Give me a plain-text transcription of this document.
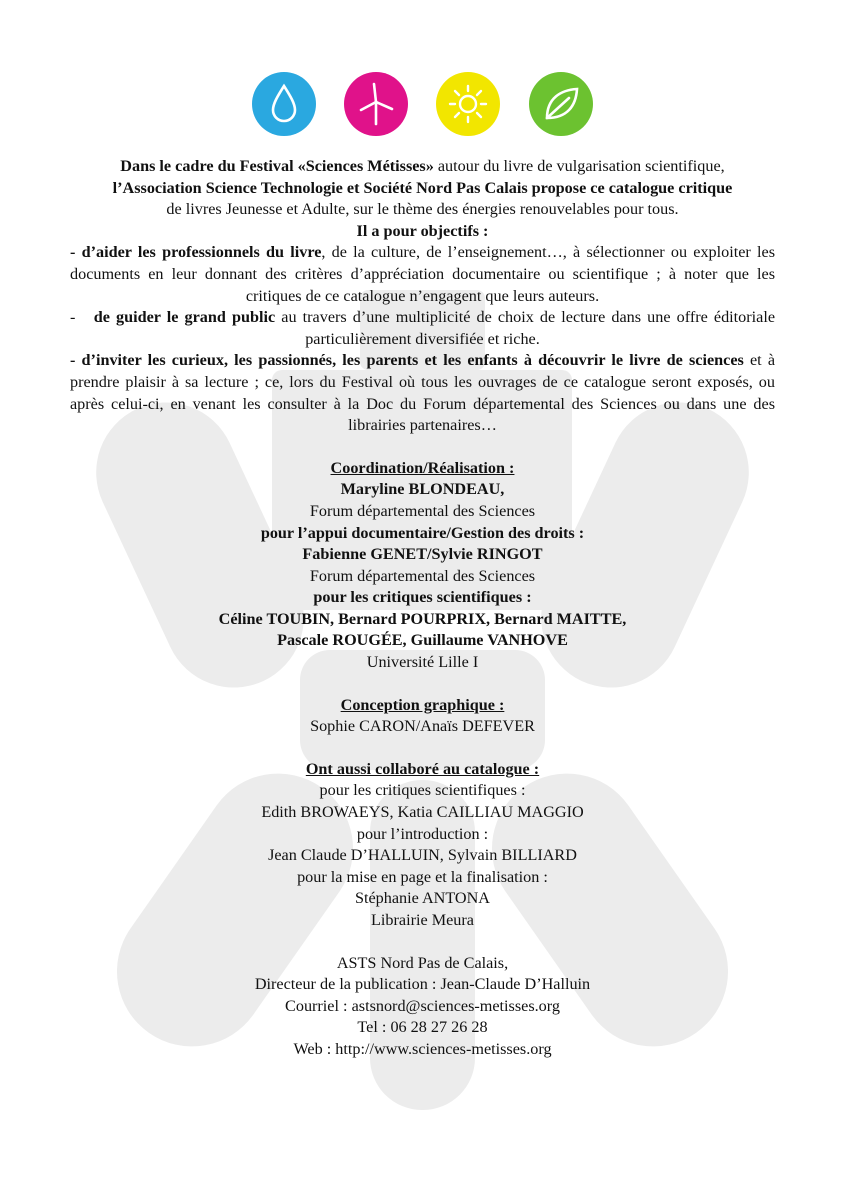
Dans le cadre du Festival «Sciences Métisses» autour du livre de vulgarisation scientifique,
l’Association Science Technologie et Société Nord Pas Calais propose ce catalogue critique
de livres Jeunesse et Adulte, sur le thème des énergies renouvelables pour tous.

Il a pour objectifs :

- d’aider les professionnels du livre, de la culture, de l’enseignement…, à sélectionner ou exploiter les documents en leur donnant des critères d’appréciation documentaire ou scientifique ; à noter que les critiques de ce catalogue n’engagent que leurs auteurs.

-   de guider le grand public au travers d’une multiplicité de choix de lecture dans une offre éditoriale particulièrement diversifiée et riche.

- d’inviter les curieux, les passionnés, les parents et les enfants à découvrir le livre de sciences et à prendre plaisir à sa lecture ; ce, lors du Festival où tous les ouvrages de ce catalogue seront exposés, ou après celui-ci, en venant les consulter à la Doc du Forum départemental des Sciences ou dans une des librairies partenaires…

Coordination/Réalisation :

Maryline BLONDEAU,

Forum départemental des Sciences

pour l’appui documentaire/Gestion des droits :

Fabienne GENET/Sylvie RINGOT

Forum départemental des Sciences

pour les critiques scientifiques :

Céline TOUBIN, Bernard POURPRIX, Bernard MAITTE,

Pascale ROUGÉE, Guillaume VANHOVE

Université Lille I

Conception graphique :

Sophie CARON/Anaïs DEFEVER

Ont aussi collaboré au catalogue :

pour les critiques scientifiques :

Edith BROWAEYS, Katia CAILLIAU MAGGIO

pour l’introduction :

Jean Claude D’HALLUIN, Sylvain BILLIARD

pour la mise en page et la finalisation :

Stéphanie ANTONA

Librairie Meura

ASTS Nord Pas de Calais,

Directeur de la publication : Jean-Claude D’Halluin

Courriel : astsnord@sciences-metisses.org

Tel : 06 28 27 26 28

Web : http://www.sciences-metisses.org
